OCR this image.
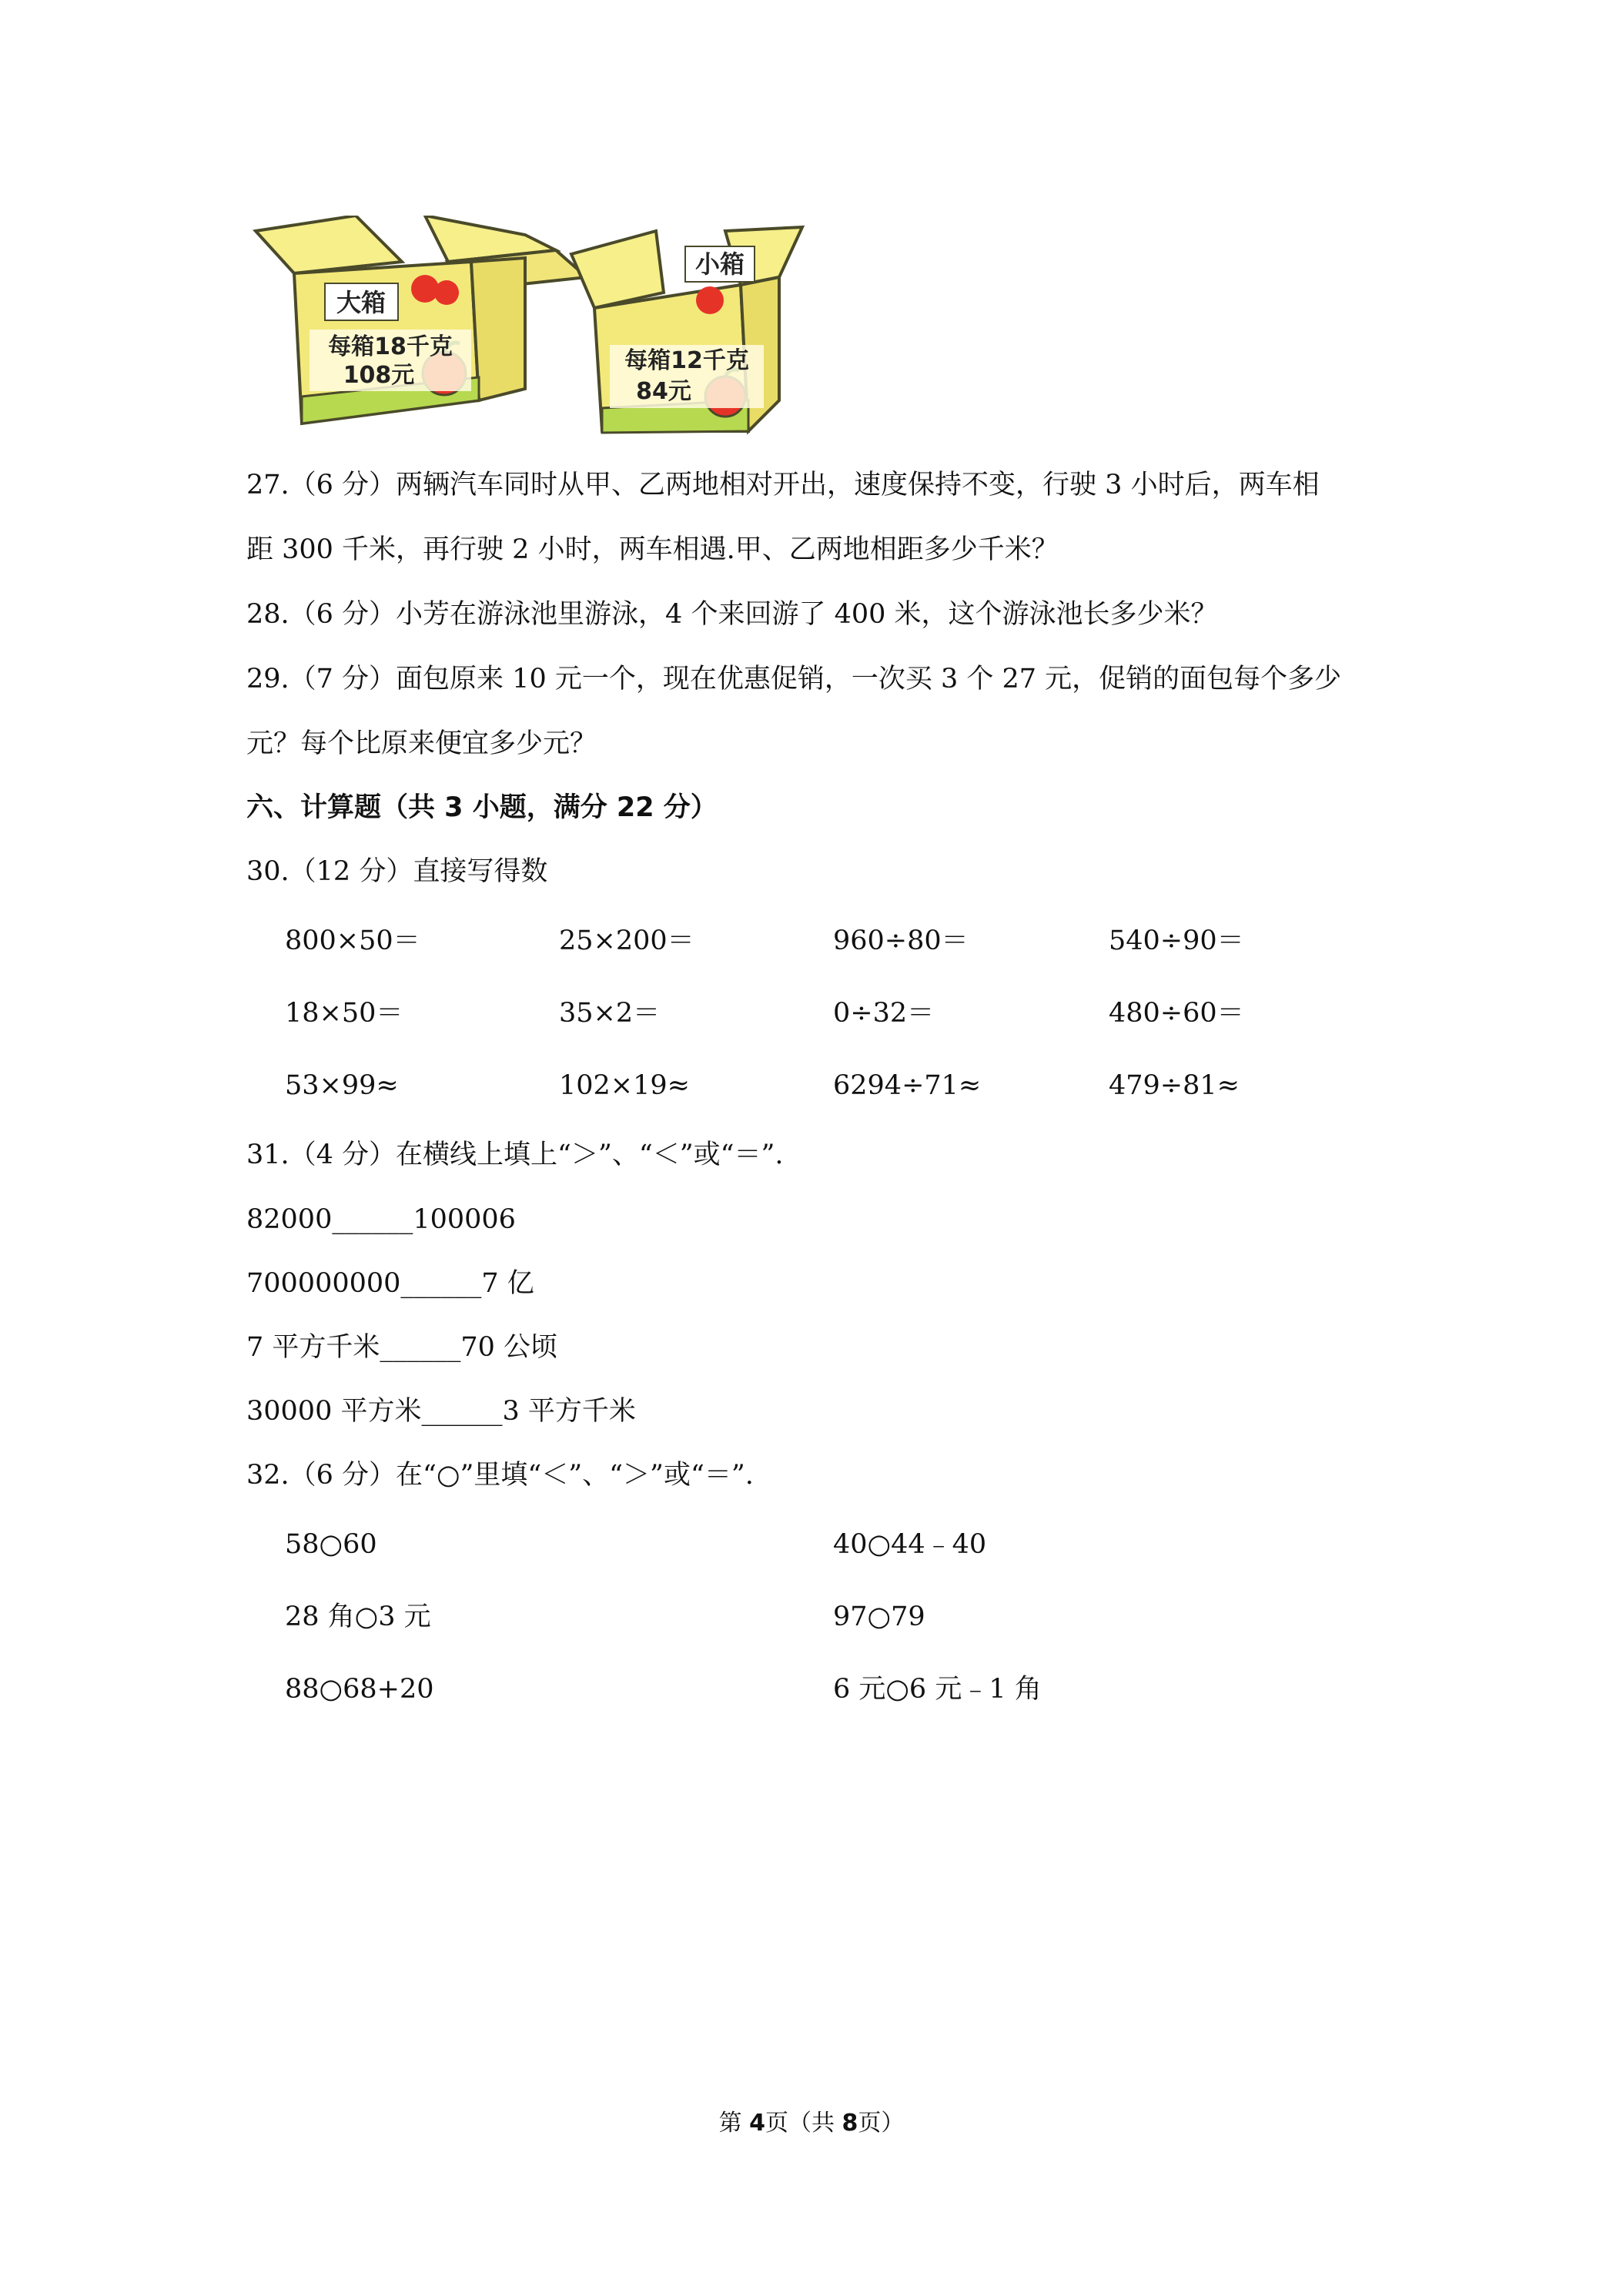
大箱
每箱18千克
108元
小箱
每箱12千克
84元
27.（6 分）两辆汽车同时从甲、乙两地相对开出，速度保持不变，行驶 3 小时后，两车相
距 300 千米，再行驶 2 小时，两车相遇.甲、乙两地相距多少千米？
28.（6 分）小芳在游泳池里游泳，4 个来回游了 400 米，这个游泳池长多少米？
29.（7 分）面包原来 10 元一个，现在优惠促销，一次买 3 个 27 元，促销的面包每个多少
元？每个比原来便宜多少元？
六、计算题（共 3 小题，满分 22 分）
30.（12 分）直接写得数
800×50＝	25×200＝	960÷80＝	540÷90＝
18×50＝	35×2＝	0÷32＝	480÷60＝
53×99≈	102×19≈	6294÷71≈	479÷81≈
31.（4 分）在横线上填上“＞”、“＜”或“＝”.
82000______100006
700000000______7 亿
7 平方千米______70 公顷
30000 平方米______3 平方千米
32.（6 分）在“○”里填“＜”、“＞”或“＝”.
58○60	40○44﹣40
28 角○3 元	97○79
88○68+20	6 元○6 元﹣1 角
第 4页（共 8页）
